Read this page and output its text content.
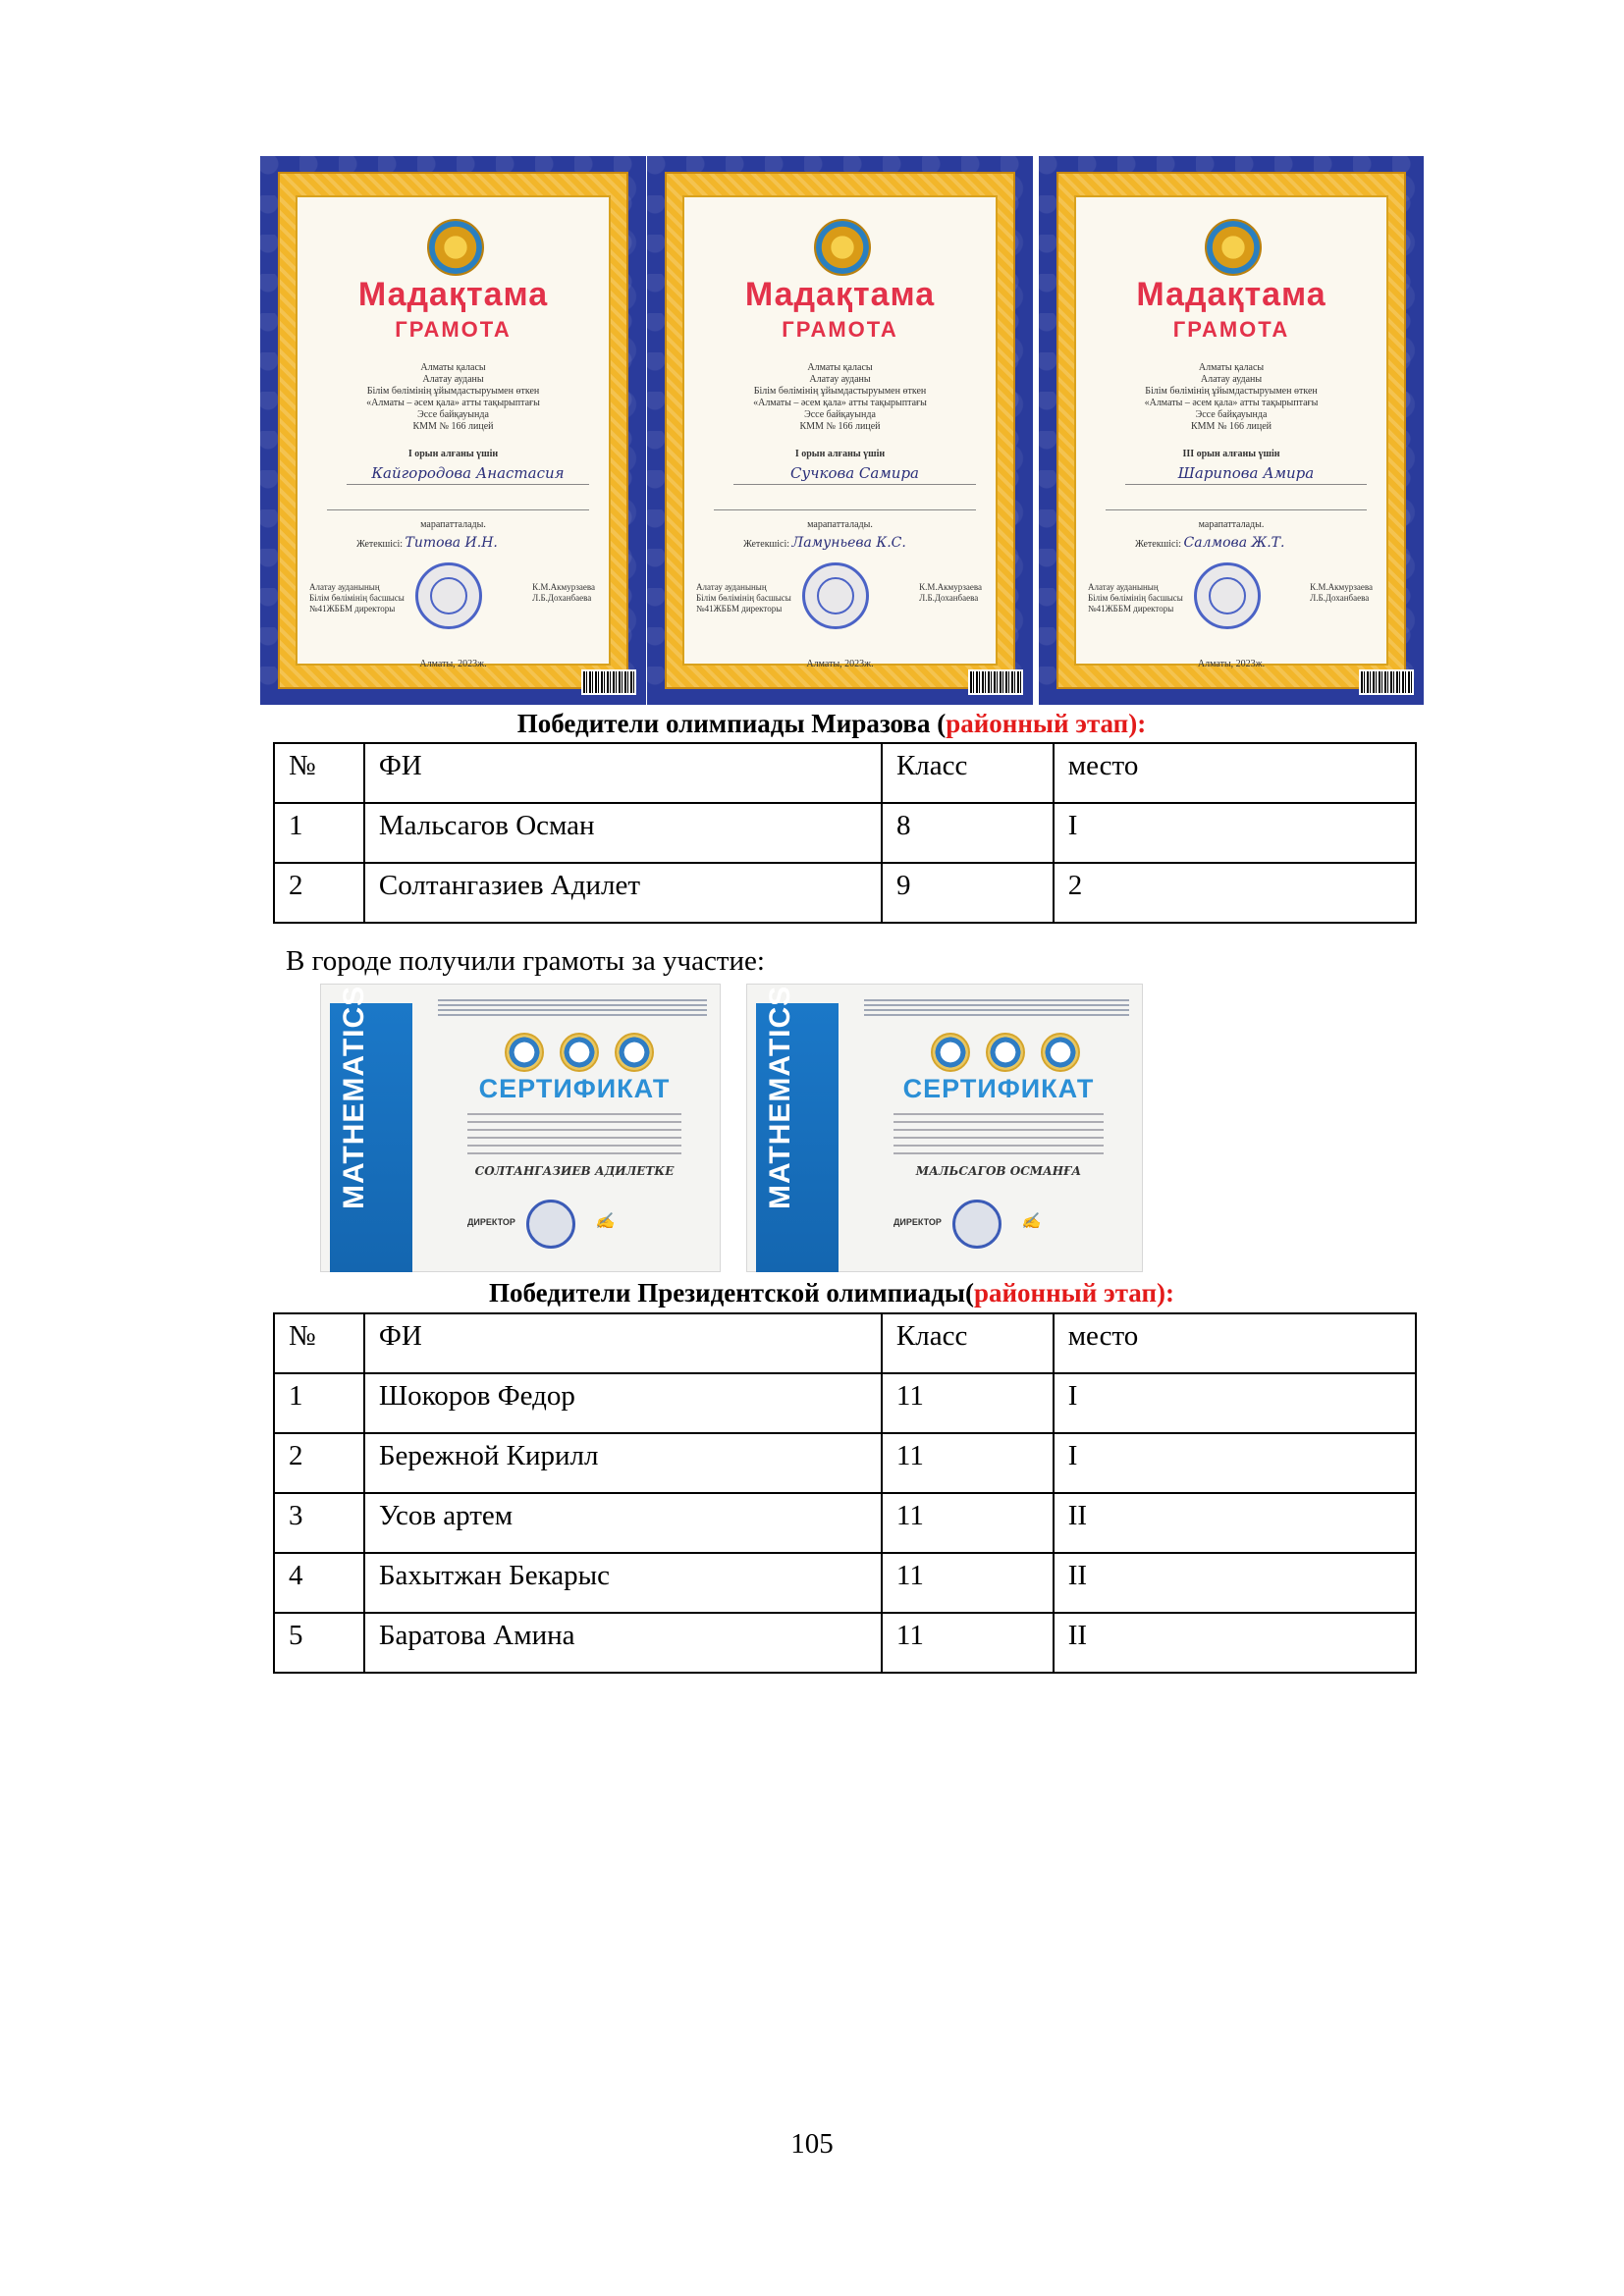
Мадақтама
ГРАМОТА
Алматы қаласы
Алатау ауданы
Білім бөлімінің ұйымдастыруымен өткен
«Алматы – әсем қала» атты тақырыптағы
Эссе байқауында
КММ № 166 лицей
I орын алғаны үшін
Кайгородова Анастасия
марапатталады.
Жетекшісі: Титова И.Н.
Алатау ауданының
Білім бөлімінің басшысы
№41ЖББМ директоры
К.М.Акмурзаева
Л.Б.Доханбаева
Алматы, 2023ж.
Мадақтама
ГРАМОТА
Алматы қаласы
Алатау ауданы
Білім бөлімінің ұйымдастыруымен өткен
«Алматы – әсем қала» атты тақырыптағы
Эссе байқауында
КММ № 166 лицей
I орын алғаны үшін
Сучкова Самира
марапатталады.
Жетекшісі: Ламуньева К.С.
Алатау ауданының
Білім бөлімінің басшысы
№41ЖББМ директоры
К.М.Акмурзаева
Л.Б.Доханбаева
Алматы, 2023ж.
Мадақтама
ГРАМОТА
Алматы қаласы
Алатау ауданы
Білім бөлімінің ұйымдастыруымен өткен
«Алматы – әсем қала» атты тақырыптағы
Эссе байқауында
КММ № 166 лицей
III орын алғаны үшін
Шарипова Амира
марапатталады.
Жетекшісі: Салмова Ж.Т.
Алатау ауданының
Білім бөлімінің басшысы
№41ЖББМ директоры
К.М.Акмурзаева
Л.Б.Доханбаева
Алматы, 2023ж.
Победители олимпиады Миразова (районный этап):
№	ФИ	Класс	место
1	Мальсагов Осман	8	I
2	Солтангазиев Адилет	9	2
В городе получили грамоты за участие:
MATHEMATICS	СЕРТИФИКАТ
СОЛТАНГАЗИЕВ АДИЛЕТКЕ
ДИРЕКТОР	✍
MATHEMATICS	СЕРТИФИКАТ
МАЛЬСАГОВ ОСМАНҒА
ДИРЕКТОР	✍
Победители Президентской олимпиады(районный этап):
№	ФИ	Класс	место
1	Шокоров Федор	11	I
2	Бережной Кирилл	11	I
3	Усов артем	11	II
4	Бахытжан Бекарыс	11	II
5	Баратова Амина	11	II
105
